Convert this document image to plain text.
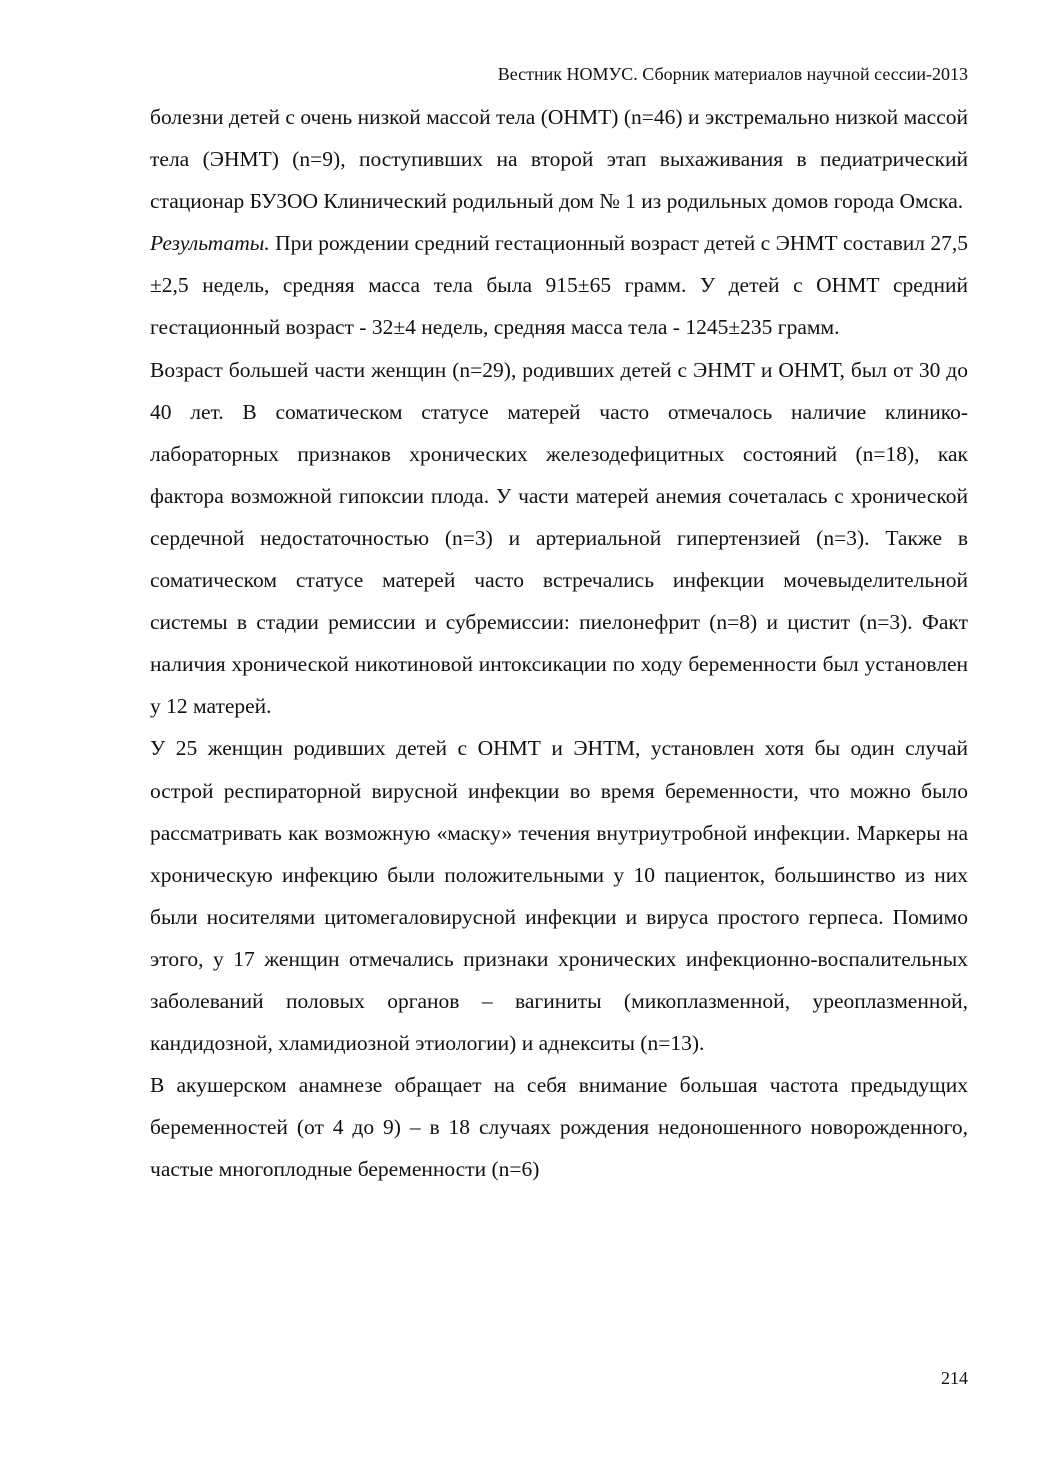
Вестник НОМУС. Сборник материалов научной сессии-2013

болезни детей с очень низкой массой тела (ОНМТ) (n=46) и экстремально низкой массой тела (ЭНМТ) (n=9), поступивших на второй этап выхаживания в педиатрический стационар БУЗОО Клинический родильный дом № 1 из родильных домов города Омска.

Результаты. При рождении средний гестационный возраст детей с ЭНМТ составил 27,5 ±2,5 недель, средняя масса тела была 915±65 грамм. У детей с ОНМТ средний гестационный возраст - 32±4 недель, средняя масса тела - 1245±235 грамм.

Возраст большей части женщин (n=29), родивших детей с ЭНМТ и ОНМТ, был от 30 до 40 лет. В соматическом статусе матерей часто отмечалось наличие клинико-лабораторных признаков хронических железодефицитных состояний (n=18), как фактора возможной гипоксии плода. У части матерей анемия сочеталась с хронической сердечной недостаточностью (n=3) и артериальной гипертензией (n=3). Также в соматическом статусе матерей часто встречались инфекции мочевыделительной системы в стадии ремиссии и субремиссии: пиелонефрит (n=8) и цистит (n=3). Факт наличия хронической никотиновой интоксикации по ходу беременности был установлен у 12 матерей.

У 25 женщин родивших детей с ОНМТ и ЭНТМ, установлен хотя бы один случай острой респираторной вирусной инфекции во время беременности, что можно было рассматривать как возможную «маску» течения внутриутробной инфекции. Маркеры на хроническую инфекцию были положительными у 10 пациенток, большинство из них были носителями цитомегаловирусной инфекции и вируса простого герпеса. Помимо этого, у 17 женщин отмечались признаки хронических инфекционно-воспалительных заболеваний половых органов – вагиниты (микоплазменной, уреоплазменной, кандидозной, хламидиозной этиологии) и аднекситы (n=13).

В акушерском анамнезе обращает на себя внимание большая частота предыдущих беременностей (от 4 до 9) – в 18 случаях рождения недоношенного новорожденного, частые многоплодные беременности (n=6)

214
